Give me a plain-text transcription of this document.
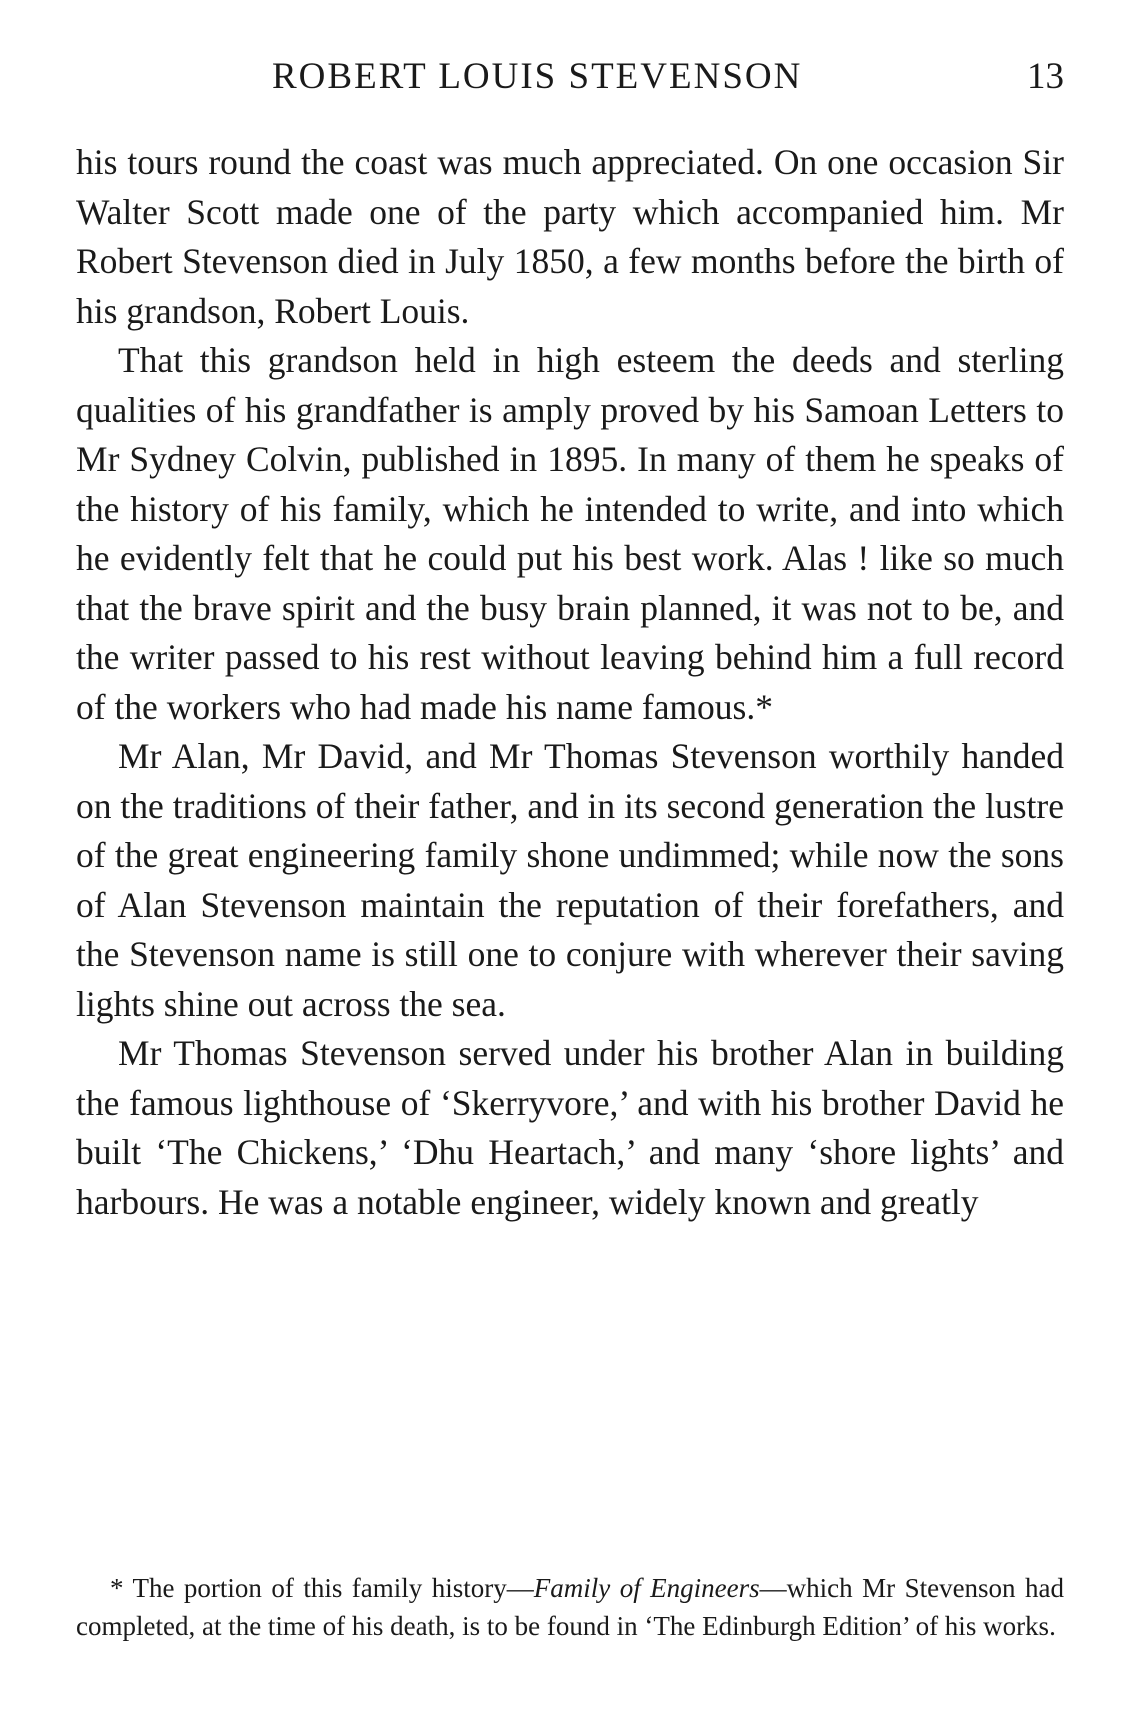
ROBERT LOUIS STEVENSON	13

his tours round the coast was much appreciated. On one occasion Sir Walter Scott made one of the party which accompanied him. Mr Robert Stevenson died in July 1850, a few months before the birth of his grandson, Robert Louis.

That this grandson held in high esteem the deeds and sterling qualities of his grandfather is amply proved by his Samoan Letters to Mr Sydney Colvin, published in 1895. In many of them he speaks of the history of his family, which he intended to write, and into which he evidently felt that he could put his best work. Alas ! like so much that the brave spirit and the busy brain planned, it was not to be, and the writer passed to his rest without leaving behind him a full record of the workers who had made his name famous.*

Mr Alan, Mr David, and Mr Thomas Stevenson worthily handed on the traditions of their father, and in its second generation the lustre of the great engineering family shone undimmed; while now the sons of Alan Stevenson maintain the reputation of their forefathers, and the Stevenson name is still one to conjure with wherever their saving lights shine out across the sea.

Mr Thomas Stevenson served under his brother Alan in building the famous lighthouse of ‘Skerryvore,’ and with his brother David he built ‘The Chickens,’ ‘Dhu Heartach,’ and many ‘shore lights’ and harbours. He was a notable engineer, widely known and greatly

* The portion of this family history—Family of Engineers—which Mr Stevenson had completed, at the time of his death, is to be found in ‘The Edinburgh Edition’ of his works.
